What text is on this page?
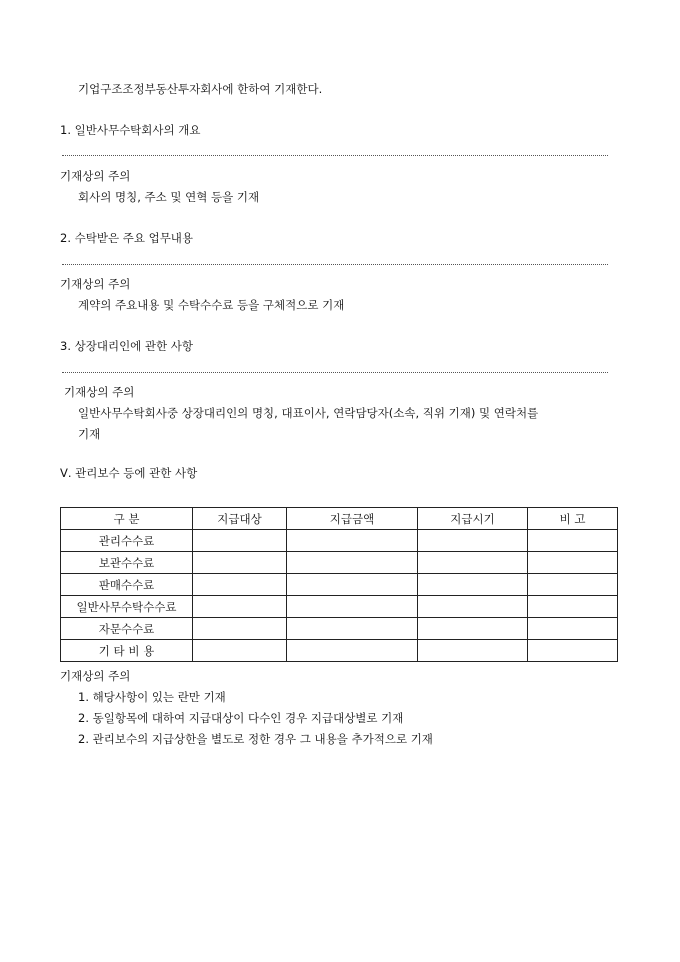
기업구조조정부동산투자회사에 한하여 기재한다.
1. 일반사무수탁회사의 개요
기재상의 주의
회사의 명칭, 주소 및 연혁 등을 기재
2. 수탁받은 주요 업무내용
기재상의 주의
계약의 주요내용 및 수탁수수료 등을 구체적으로 기재
3. 상장대리인에 관한 사항
기재상의 주의
일반사무수탁회사중 상장대리인의 명칭, 대표이사, 연락담당자(소속, 직위 기재) 및 연락처를
기재
Ⅴ. 관리보수 등에 관한 사항
구 분	지급대상	지급금액	지급시기	비 고
관리수수료				
보관수수료				
판매수수료				
일반사무수탁수수료				
자문수수료				
기 타 비 용				
기재상의 주의
1. 해당사항이 있는 란만 기재
2. 동일항목에 대하여 지급대상이 다수인 경우 지급대상별로 기재
2. 관리보수의 지급상한을 별도로 정한 경우 그 내용을 추가적으로 기재
